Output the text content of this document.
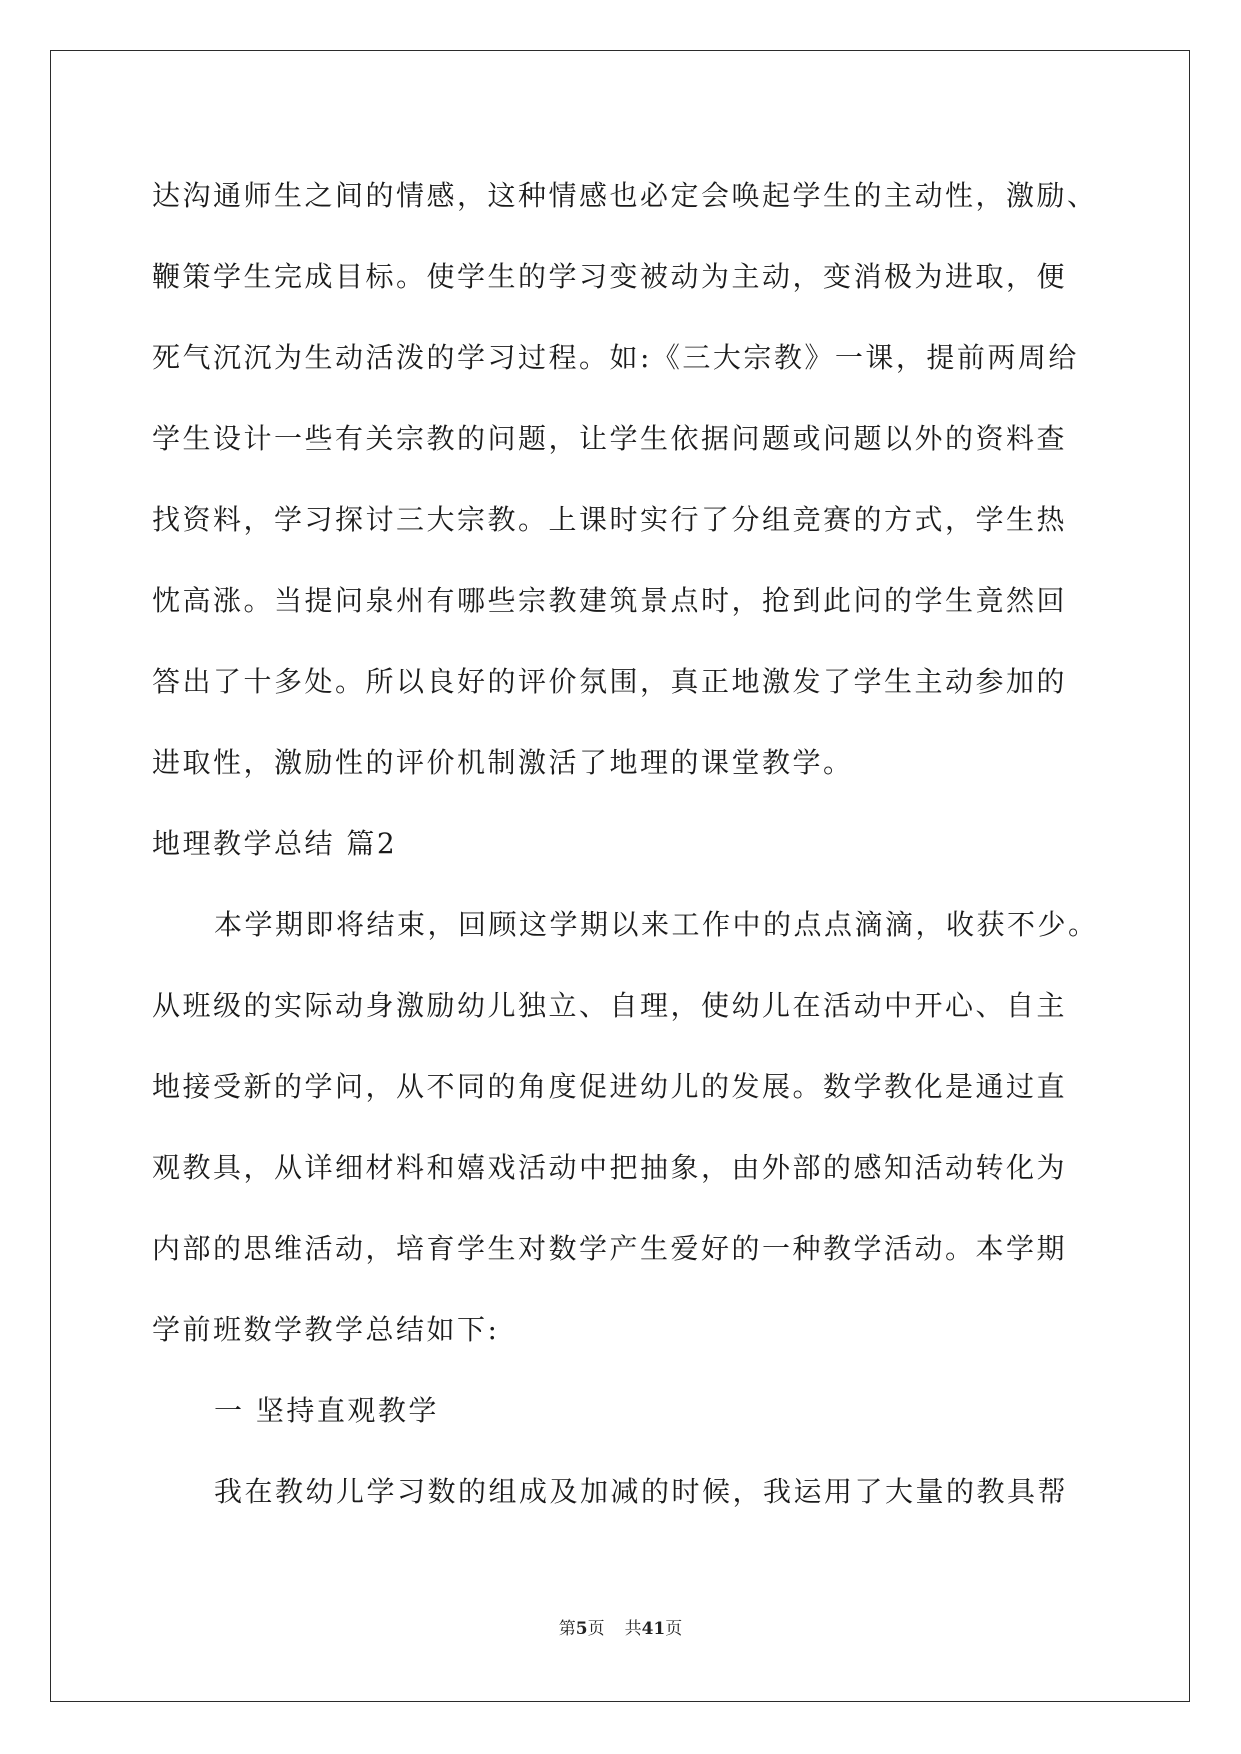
达沟通师生之间的情感，这种情感也必定会唤起学生的主动性，激励、

鞭策学生完成目标。使学生的学习变被动为主动，变消极为进取，便

死气沉沉为生动活泼的学习过程。如:《三大宗教》一课，提前两周给

学生设计一些有关宗教的问题，让学生依据问题或问题以外的资料查

找资料，学习探讨三大宗教。上课时实行了分组竞赛的方式，学生热

忱高涨。当提问泉州有哪些宗教建筑景点时，抢到此问的学生竟然回

答出了十多处。所以良好的评价氛围，真正地激发了学生主动参加的

进取性，激励性的评价机制激活了地理的课堂教学。

地理教学总结 篇2

本学期即将结束，回顾这学期以来工作中的点点滴滴，收获不少。

从班级的实际动身激励幼儿独立、自理，使幼儿在活动中开心、自主

地接受新的学问，从不同的角度促进幼儿的发展。数学教化是通过直

观教具，从详细材料和嬉戏活动中把抽象，由外部的感知活动转化为

内部的思维活动，培育学生对数学产生爱好的一种教学活动。本学期

学前班数学教学总结如下:

一 坚持直观教学

我在教幼儿学习数的组成及加减的时候，我运用了大量的教具帮

第5页 共41页
